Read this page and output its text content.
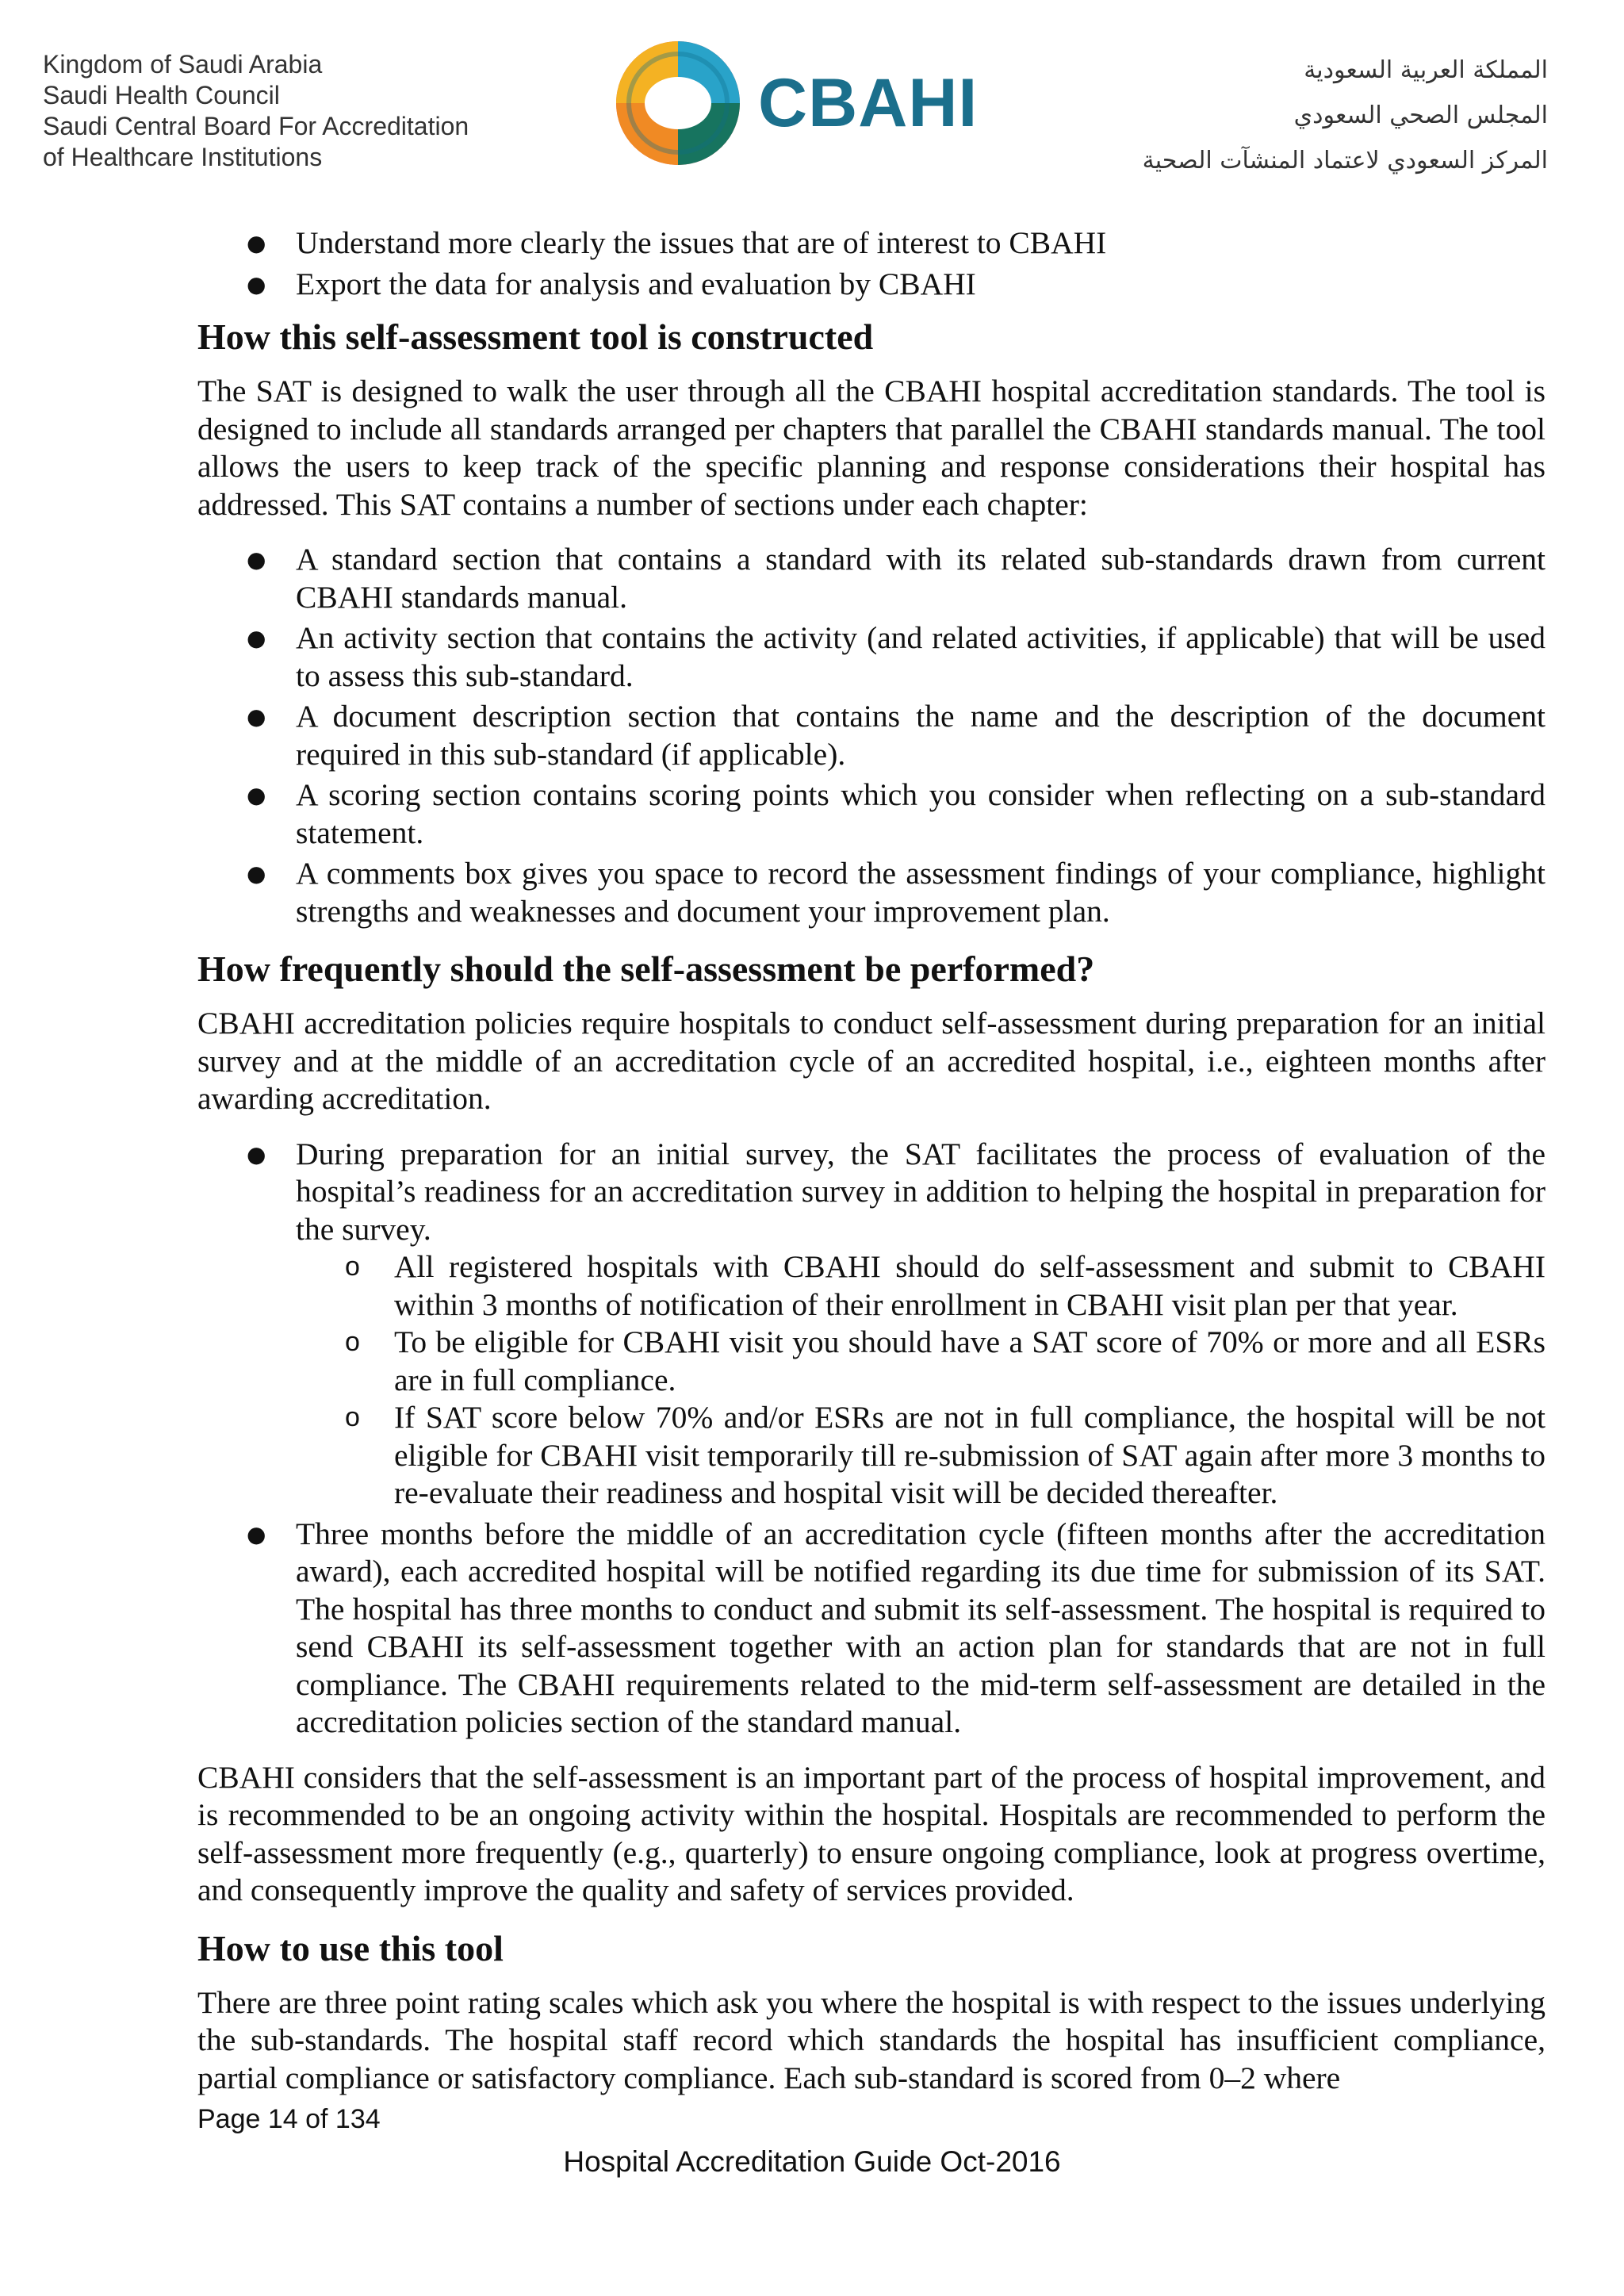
Kingdom of Saudi Arabia
Saudi Health Council
Saudi Central Board For Accreditation
of Healthcare Institutions
CBAHI	المملكة العربية السعودية
المجلس الصحي السعودي
المركز السعودي لاعتماد المنشآت الصحية
● Understand more clearly the issues that are of interest to CBAHI
● Export the data for analysis and evaluation by CBAHI
How this self-assessment tool is constructed

The SAT is designed to walk the user through all the CBAHI hospital accreditation standards. The tool is designed to include all standards arranged per chapters that parallel the CBAHI standards manual. The tool allows the users to keep track of the specific planning and response considerations their hospital has addressed. This SAT contains a number of sections under each chapter:

● A standard section that contains a standard with its related sub-standards drawn from current CBAHI standards manual.
● An activity section that contains the activity (and related activities, if applicable) that will be used to assess this sub-standard.
● A document description section that contains the name and the description of the document required in this sub-standard (if applicable).
● A scoring section contains scoring points which you consider when reflecting on a sub-standard statement.
● A comments box gives you space to record the assessment findings of your compliance, highlight strengths and weaknesses and document your improvement plan.
How frequently should the self-assessment be performed?

CBAHI accreditation policies require hospitals to conduct self-assessment during preparation for an initial survey and at the middle of an accreditation cycle of an accredited hospital, i.e., eighteen months after awarding accreditation.

● During preparation for an initial survey, the SAT facilitates the process of evaluation of the hospital’s readiness for an accreditation survey in addition to helping the hospital in preparation for the survey.
o All registered hospitals with CBAHI should do self-assessment and submit to CBAHI within 3 months of notification of their enrollment in CBAHI visit plan per that year.
o To be eligible for CBAHI visit you should have a SAT score of 70% or more and all ESRs are in full compliance.
o If SAT score below 70% and/or ESRs are not in full compliance, the hospital will be not eligible for CBAHI visit temporarily till re-submission of SAT again after more 3 months to re-evaluate their readiness and hospital visit will be decided thereafter.
● Three months before the middle of an accreditation cycle (fifteen months after the accreditation award), each accredited hospital will be notified regarding its due time for submission of its SAT. The hospital has three months to conduct and submit its self-assessment. The hospital is required to send CBAHI its self-assessment together with an action plan for standards that are not in full compliance. The CBAHI requirements related to the mid-term self-assessment are detailed in the accreditation policies section of the standard manual.

CBAHI considers that the self-assessment is an important part of the process of hospital improvement, and is recommended to be an ongoing activity within the hospital. Hospitals are recommended to perform the self-assessment more frequently (e.g., quarterly) to ensure ongoing compliance, look at progress overtime, and consequently improve the quality and safety of services provided.

How to use this tool

There are three point rating scales which ask you where the hospital is with respect to the issues underlying the sub-standards. The hospital staff record which standards the hospital has insufficient compliance, partial compliance or satisfactory compliance. Each sub-standard is scored from 0–2 where

Page 14 of 134
Hospital Accreditation Guide Oct-2016
